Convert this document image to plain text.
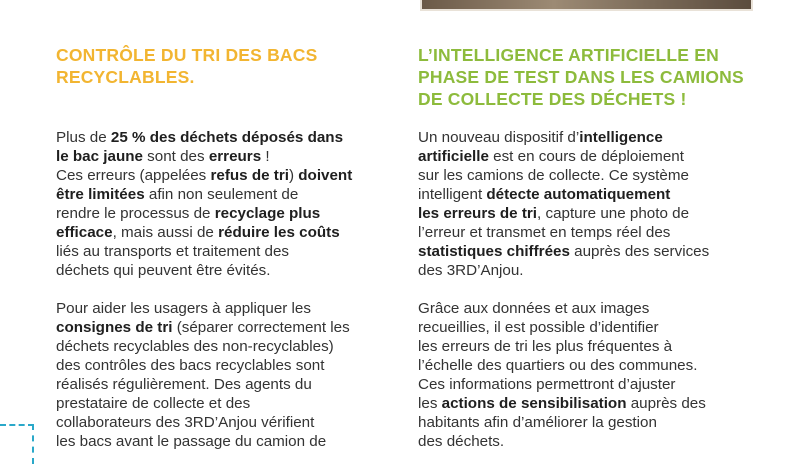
CONTRÔLE DU TRI DES BACS
RECYCLABLES.
Plus de 25 % des déchets déposés dans
le bac jaune sont des erreurs !
Ces erreurs (appelées refus de tri) doivent
être limitées afin non seulement de
rendre le processus de recyclage plus
efficace, mais aussi de réduire les coûts
liés au transports et traitement des
déchets qui peuvent être évités.
Pour aider les usagers à appliquer les
consignes de tri (séparer correctement les
déchets recyclables des non-recyclables)
des contrôles des bacs recyclables sont
réalisés régulièrement. Des agents du
prestataire de collecte et des
collaborateurs des 3RD’Anjou vérifient
les bacs avant le passage du camion de
L’INTELLIGENCE ARTIFICIELLE EN
PHASE DE TEST DANS LES CAMIONS
DE COLLECTE DES DÉCHETS !
Un nouveau dispositif d’intelligence
artificielle est en cours de déploiement
sur les camions de collecte. Ce système
intelligent détecte automatiquement
les erreurs de tri, capture une photo de
l’erreur et transmet en temps réel des
statistiques chiffrées auprès des services
des 3RD’Anjou.
Grâce aux données et aux images
recueillies, il est possible d’identifier
les erreurs de tri les plus fréquentes à
l’échelle des quartiers ou des communes.
Ces informations permettront d’ajuster
les actions de sensibilisation auprès des
habitants afin d’améliorer la gestion
des déchets.
